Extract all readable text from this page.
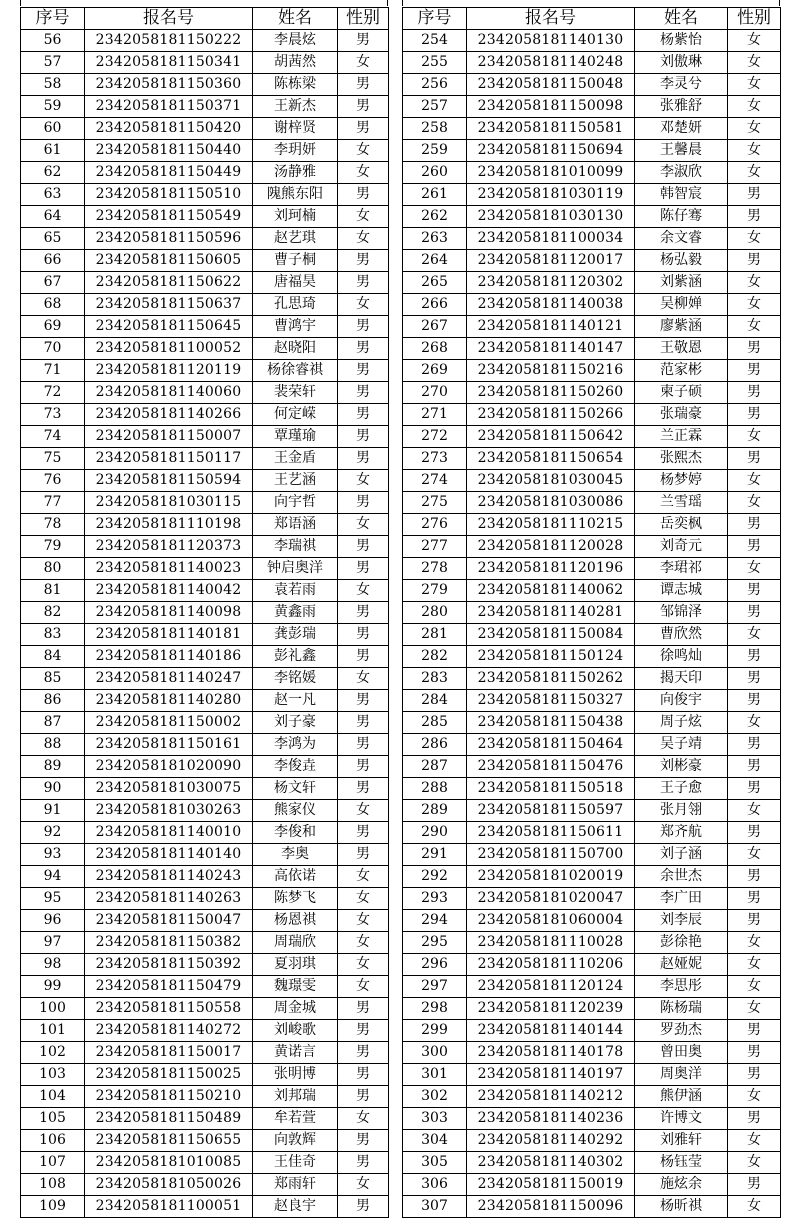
序号	报名号	姓名	性别
56	2342058181150222	李晨炫	男
57	2342058181150341	胡茜然	女
58	2342058181150360	陈栋梁	男
59	2342058181150371	王新杰	男
60	2342058181150420	谢梓贤	男
61	2342058181150440	李玥妍	女
62	2342058181150449	汤静雅	女
63	2342058181150510	隗熊东阳	男
64	2342058181150549	刘珂楠	女
65	2342058181150596	赵艺琪	女
66	2342058181150605	曹子桐	男
67	2342058181150622	唐福昊	男
68	2342058181150637	孔思琦	女
69	2342058181150645	曹鸿宇	男
70	2342058181100052	赵晓阳	男
71	2342058181120119	杨徐睿祺	男
72	2342058181140060	裴荣轩	男
73	2342058181140266	何定嵘	男
74	2342058181150007	覃瑾瑜	男
75	2342058181150117	王金盾	男
76	2342058181150594	王艺涵	女
77	2342058181030115	向宇哲	男
78	2342058181110198	郑语涵	女
79	2342058181120373	李瑞祺	男
80	2342058181140023	钟启奥洋	男
81	2342058181140042	袁若雨	女
82	2342058181140098	黄鑫雨	男
83	2342058181140181	龚彭瑞	男
84	2342058181140186	彭礼鑫	男
85	2342058181140247	李铭媛	女
86	2342058181140280	赵一凡	男
87	2342058181150002	刘子豪	男
88	2342058181150161	李鸿为	男
89	2342058181020090	李俊垚	男
90	2342058181030075	杨文轩	男
91	2342058181030263	熊家仪	女
92	2342058181140010	李俊和	男
93	2342058181140140	李奥	男
94	2342058181140243	高依诺	女
95	2342058181140263	陈梦飞	女
96	2342058181150047	杨恩祺	女
97	2342058181150382	周瑞欣	女
98	2342058181150392	夏羽琪	女
99	2342058181150479	魏璟雯	女
100	2342058181150558	周金城	男
101	2342058181140272	刘峻歌	男
102	2342058181150017	黄诺言	男
103	2342058181150025	张明博	男
104	2342058181150210	刘邦瑞	男
105	2342058181150489	牟若萱	女
106	2342058181150655	向敦辉	男
107	2342058181010085	王佳奇	男
108	2342058181050026	郑雨轩	女
109	2342058181100051	赵良宇	男
序号	报名号	姓名	性别
254	2342058181140130	杨紫怡	女
255	2342058181140248	刘傲琳	女
256	2342058181150048	李灵兮	女
257	2342058181150098	张雅舒	女
258	2342058181150581	邓楚妍	女
259	2342058181150694	王馨晨	女
260	2342058181010099	李淑欣	女
261	2342058181030119	韩智宸	男
262	2342058181030130	陈仔骞	男
263	2342058181100034	余文睿	女
264	2342058181120017	杨弘毅	男
265	2342058181120302	刘紫涵	女
266	2342058181140038	吴柳婵	女
267	2342058181140121	廖紫涵	女
268	2342058181140147	王敬恩	男
269	2342058181150216	范家彬	男
270	2342058181150260	柬子硕	男
271	2342058181150266	张瑞豪	男
272	2342058181150642	兰正霖	女
273	2342058181150654	张熙杰	男
274	2342058181030045	杨梦婷	女
275	2342058181030086	兰雪瑶	女
276	2342058181110215	岳奕枫	男
277	2342058181120028	刘奇元	男
278	2342058181120196	李珺祁	女
279	2342058181140062	谭志城	男
280	2342058181140281	邹锦泽	男
281	2342058181150084	曹欣然	女
282	2342058181150124	徐鸣灿	男
283	2342058181150262	揭天印	男
284	2342058181150327	向俊宇	男
285	2342058181150438	周子炫	女
286	2342058181150464	吴子靖	男
287	2342058181150476	刘彬豪	男
288	2342058181150518	王子愈	男
289	2342058181150597	张月翎	女
290	2342058181150611	郑齐航	男
291	2342058181150700	刘子涵	女
292	2342058181020019	余世杰	男
293	2342058181020047	李广田	男
294	2342058181060004	刘李辰	男
295	2342058181110028	彭徐艳	女
296	2342058181110206	赵娅妮	女
297	2342058181120124	李思彤	女
298	2342058181120239	陈杨瑞	女
299	2342058181140144	罗劲杰	男
300	2342058181140178	曾田奥	男
301	2342058181140197	周奥洋	男
302	2342058181140212	熊伊涵	女
303	2342058181140236	许博文	男
304	2342058181140292	刘雅轩	女
305	2342058181140302	杨钰莹	女
306	2342058181150019	施炫余	男
307	2342058181150096	杨昕祺	女
